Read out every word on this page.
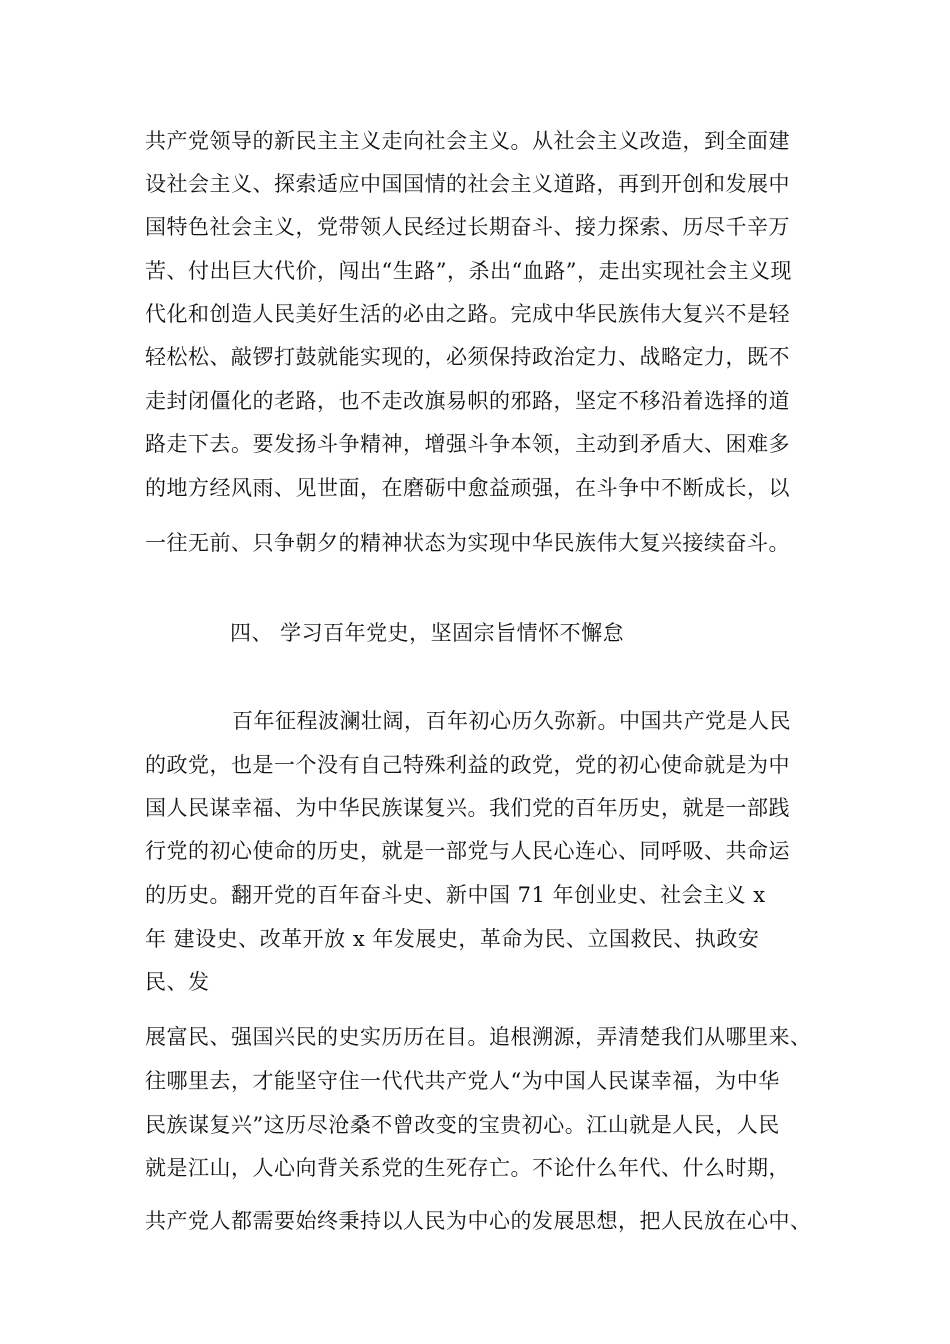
共产党领导的新民主主义走向社会主义。从社会主义改造，到全面建
设社会主义、探索适应中国国情的社会主义道路，再到开创和发展中
国特色社会主义，党带领人民经过长期奋斗、接力探索、历尽千辛万
苦、付出巨大代价，闯出“生路”，杀出“血路”，走出实现社会主义现
代化和创造人民美好生活的必由之路。完成中华民族伟大复兴不是轻
轻松松、敲锣打鼓就能实现的，必须保持政治定力、战略定力，既不
走封闭僵化的老路，也不走改旗易帜的邪路，坚定不移沿着选择的道
路走下去。要发扬斗争精神，增强斗争本领，主动到矛盾大、困难多
的地方经风雨、见世面，在磨砺中愈益顽强，在斗争中不断成长，以
一往无前、只争朝夕的精神状态为实现中华民族伟大复兴接续奋斗。
四、 学习百年党史，坚固宗旨情怀不懈怠
百年征程波澜壮阔，百年初心历久弥新。中国共产党是人民
的政党，也是一个没有自己特殊利益的政党，党的初心使命就是为中
国人民谋幸福、为中华民族谋复兴。我们党的百年历史，就是一部践
行党的初心使命的历史，就是一部党与人民心连心、同呼吸、共命运
的历史。翻开党的百年奋斗史、新中国 71 年创业史、社会主义 x
年 建设史、改革开放 x 年发展史，革命为民、立国救民、执政安
民、发
展富民、强国兴民的史实历历在目。追根溯源，弄清楚我们从哪里来、
往哪里去，才能坚守住一代代共产党人“为中国人民谋幸福，为中华
民族谋复兴”这历尽沧桑不曾改变的宝贵初心。江山就是人民，人民
就是江山，人心向背关系党的生死存亡。不论什么年代、什么时期，
共产党人都需要始终秉持以人民为中心的发展思想，把人民放在心中、
